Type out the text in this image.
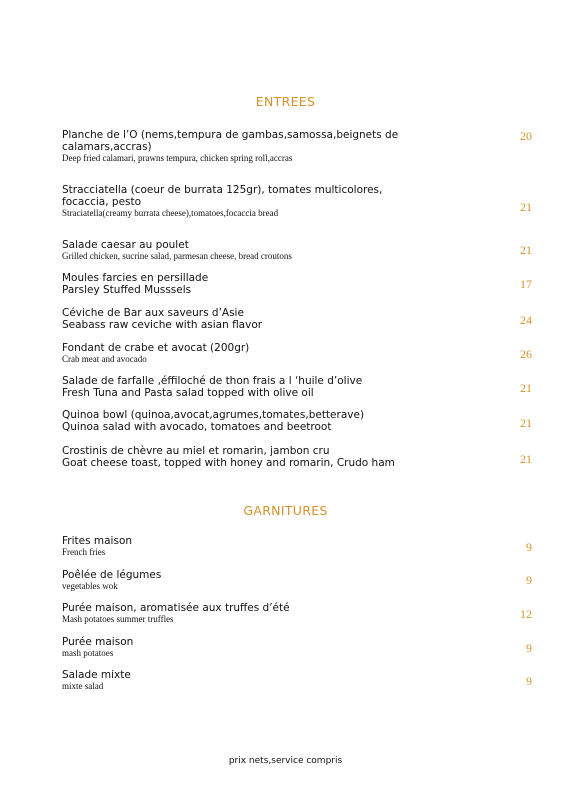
ENTREES
Planche de l’O (nems,tempura de gambas,samossa,beignets de calamars,accras)
Deep fried calamari, prawns tempura, chicken spring roll,accras
20
Stracciatella (coeur de burrata 125gr), tomates multicolores, focaccia, pesto
Straciatella(creamy burrata cheese),tomatoes,focaccia bread	21
Salade caesar au poulet
Grilled chicken, sucrine salad, parmesan cheese, bread croutons	21
Moules farcies en persillade
Parsley Stuffed Musssels	17
Céviche de Bar aux saveurs d’Asie
Seabass raw ceviche with asian flavor	24
Fondant de crabe et avocat (200gr)
Crab meat and avocado	26
Salade de farfalle ,éffiloché de thon frais a l ‘huile d’olive
Fresh Tuna and Pasta salad topped with olive oil	21
Quinoa bowl (quinoa,avocat,agrumes,tomates,betterave)
Quinoa salad with avocado, tomatoes and beetroot	21
Crostinis de chèvre au miel et romarin, jambon cru
Goat cheese toast, topped with honey and romarin, Crudo ham	21
GARNITURES
Frites maison
French fries	9
Poêlée de légumes
vegetables wok	9
Purée maison, aromatisée aux truffes d’été
Mash potatoes summer truffles	12
Purée maison
mash potatoes	9
Salade mixte
mixte salad	9
prix nets,service compris
